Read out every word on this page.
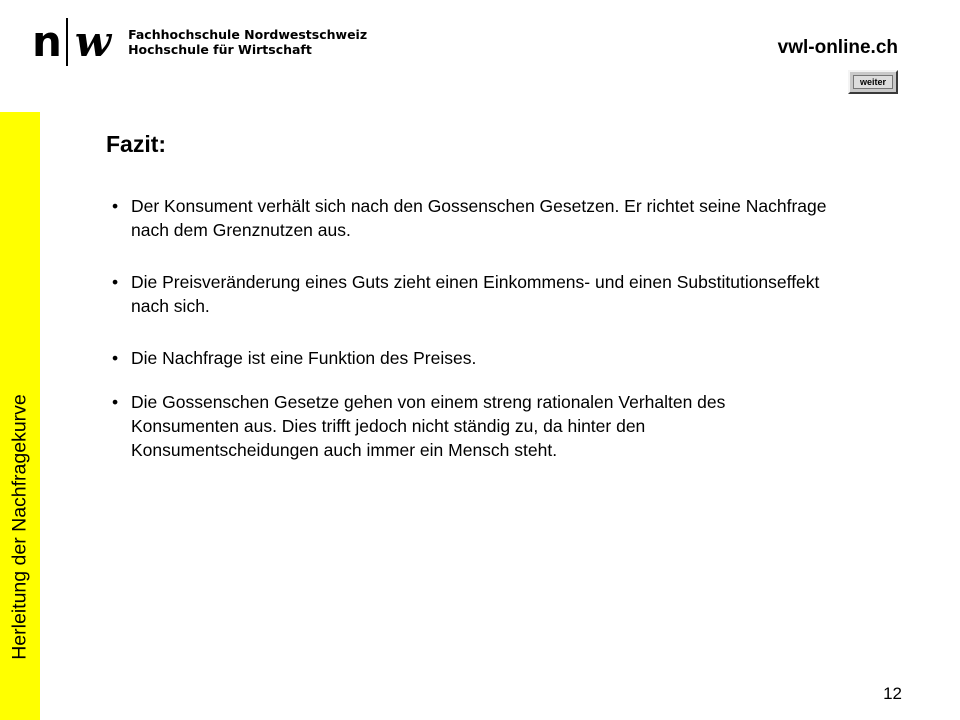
n w Fachhochschule Nordwestschweiz
Hochschule für Wirtschaft	vwl-online.ch
weiter
Herleitung der Nachfragekurve
Fazit:
• Der Konsument verhält sich nach den Gossenschen Gesetzen. Er richtet seine Nachfrage nach dem Grenznutzen aus.
• Die Preisveränderung eines Guts zieht einen Einkommens- und einen Substitutionseffekt nach sich.
• Die Nachfrage ist eine Funktion des Preises.
• Die Gossenschen Gesetze gehen von einem streng rationalen Verhalten des Konsumenten aus. Dies trifft jedoch nicht ständig zu, da hinter den Konsumentscheidungen auch immer ein Mensch steht.
12
